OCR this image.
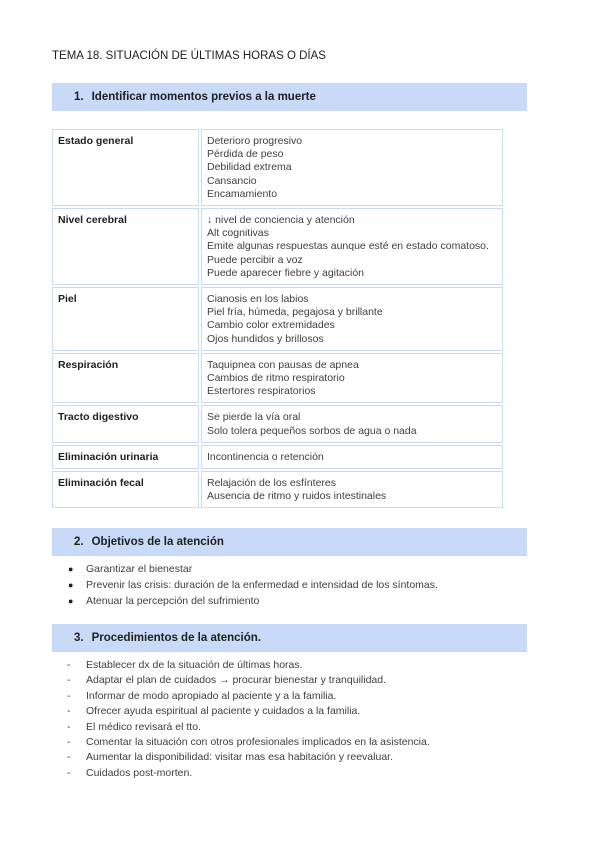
TEMA 18. SITUACIÓN DE ÚLTIMAS HORAS O DÍAS
1. Identificar momentos previos a la muerte
Estado general	Deterioro progresivo
Pérdida de peso
Debilidad extrema
Cansancio
Encamamiento

Nivel cerebral	↓ nivel de conciencia y atención
Alt cognitivas
Emite algunas respuestas aunque esté en estado comatoso.
Puede percibir a voz
Puede aparecer fiebre y agitación

Piel	Cianosis en los labios
Piel fría, húmeda, pegajosa y brillante
Cambio color extremidades
Ojos hundidos y brillosos

Respiración	Taquipnea con pausas de apnea
Cambios de ritmo respiratorio
Estertores respiratorios

Tracto digestivo	Se pierde la vía oral
Solo tolera pequeños sorbos de agua o nada

Eliminación urinaria	Incontinencia o retención

Eliminación fecal	Relajación de los esfínteres
Ausencia de ritmo y ruidos intestinales
2. Objetivos de la atención
● Garantizar el bienestar
● Prevenir las crisis: duración de la enfermedad e intensidad de los síntomas.
● Atenuar la percepción del sufrimiento
3. Procedimientos de la atención.
- Establecer dx de la situación de últimas horas.
- Adaptar el plan de cuidados → procurar bienestar y tranquilidad.
- Informar de modo apropiado al paciente y a la familia.
- Ofrecer ayuda espiritual al paciente y cuidados a la familia.
- El médico revisará el tto.
- Comentar la situación con otros profesionales implicados en la asistencia.
- Aumentar la disponibilidad: visitar mas esa habitación y reevaluar.
- Cuidados post-morten.
